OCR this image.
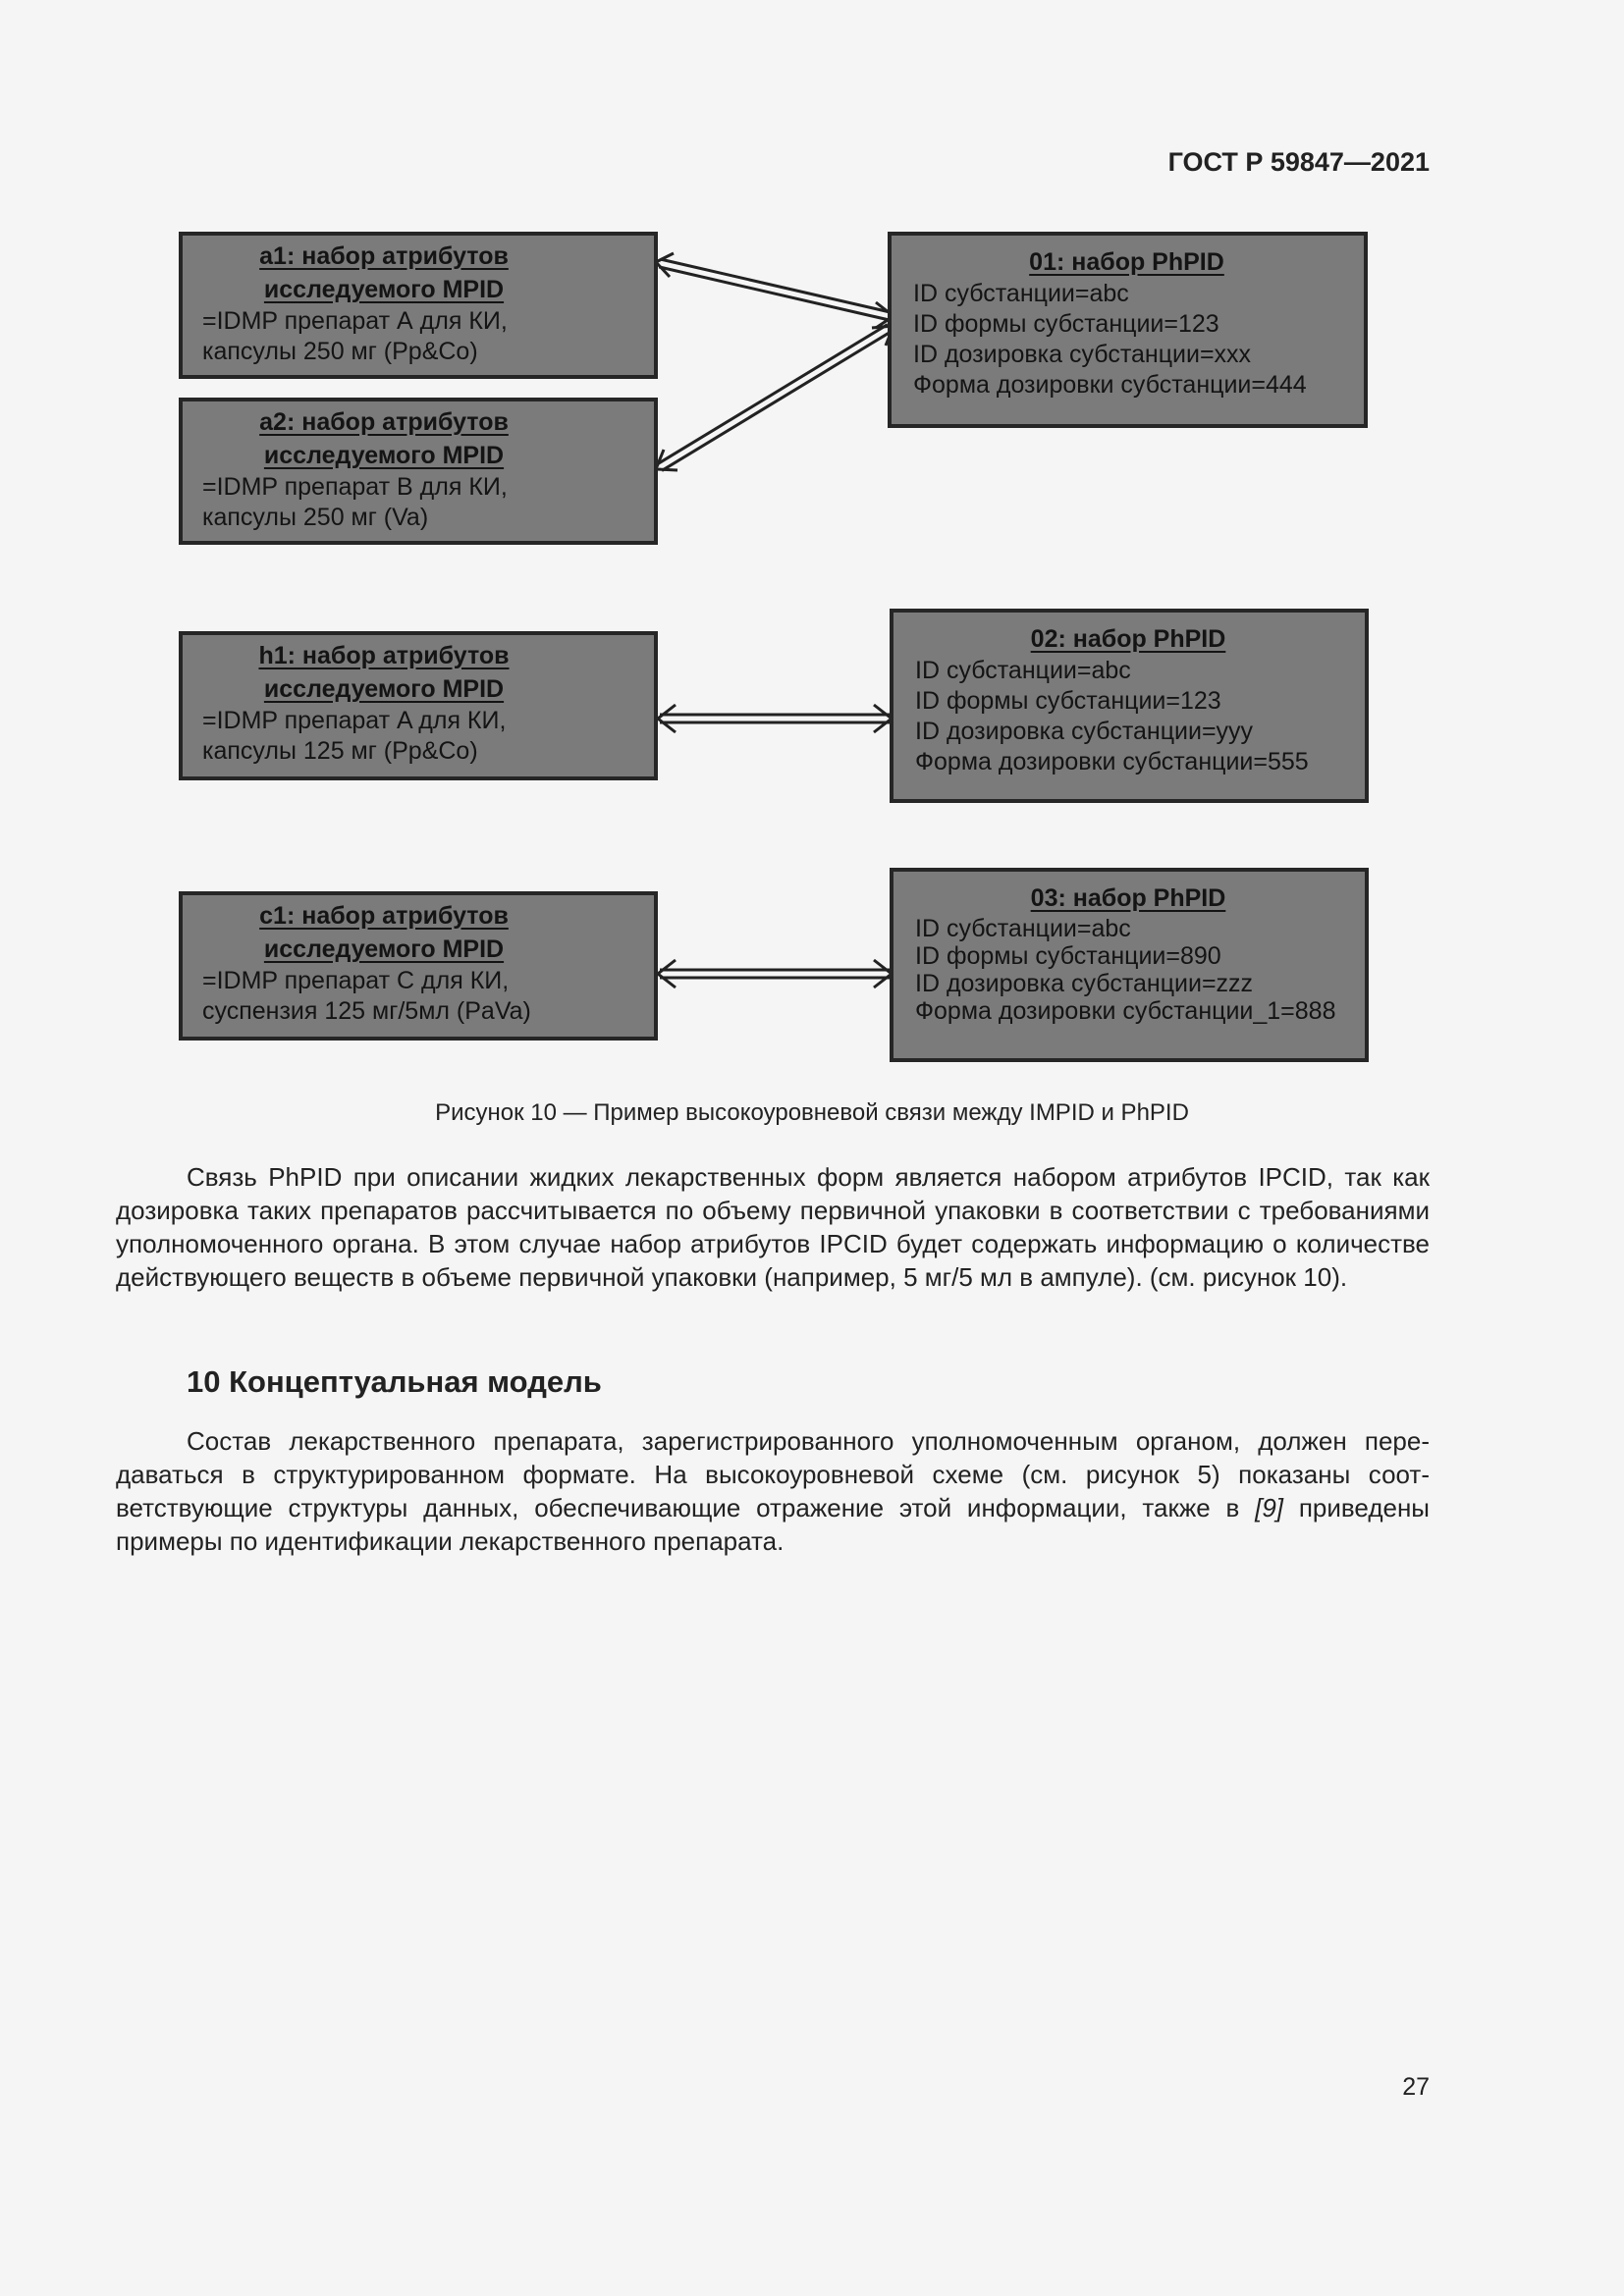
ГОСТ Р 59847—2021
a1: набор атрибутов
исследуемого MPID
=IDMP препарат А для КИ,
капсулы 250 мг (Pp&Co)
a2: набор атрибутов
исследуемого MPID
=IDMP препарат B для КИ,
капсулы 250 мг (Va)
h1: набор атрибутов
исследуемого MPID
=IDMP препарат A для КИ,
капсулы 125 мг (Pp&Co)
c1: набор атрибутов
исследуемого MPID
=IDMP препарат C для КИ,
суспензия 125 мг/5мл (PaVa)
01: набор PhPID
ID субстанции=abc
ID формы субстанции=123
ID дозировка субстанции=xxx
Форма дозировки субстанции=444
02: набор PhPID
ID субстанции=abc
ID формы субстанции=123
ID дозировка субстанции=yyy
Форма дозировки субстанции=555
03: набор PhPID
ID субстанции=abc
ID формы субстанции=890
ID дозировка субстанции=zzz
Форма дозировки субстанции_1=888
Рисунок 10 — Пример высокоуровневой связи между IMPID и PhPID

Связь PhPID при описании жидких лекарственных форм является набором атрибутов IPCID, так как дозировка таких препаратов рассчитывается по объему первичной упаковки в соответствии с требованиями уполномоченного органа. В этом случае набор атрибутов IPCID будет содержать информацию о количестве действующего веществ в объеме первичной упаковки (например, 5 мг/5 мл в ампуле). (см. рисунок 10).

10 Концептуальная модель

Состав лекарственного препарата, зарегистрированного уполномоченным органом, должен передаваться в структурированном формате. На высокоуровневой схеме (см. рисунок 5) показаны соответствующие структуры данных, обеспечивающие отражение этой информации, также в [9] приведены примеры по идентификации лекарственного препарата.

27
